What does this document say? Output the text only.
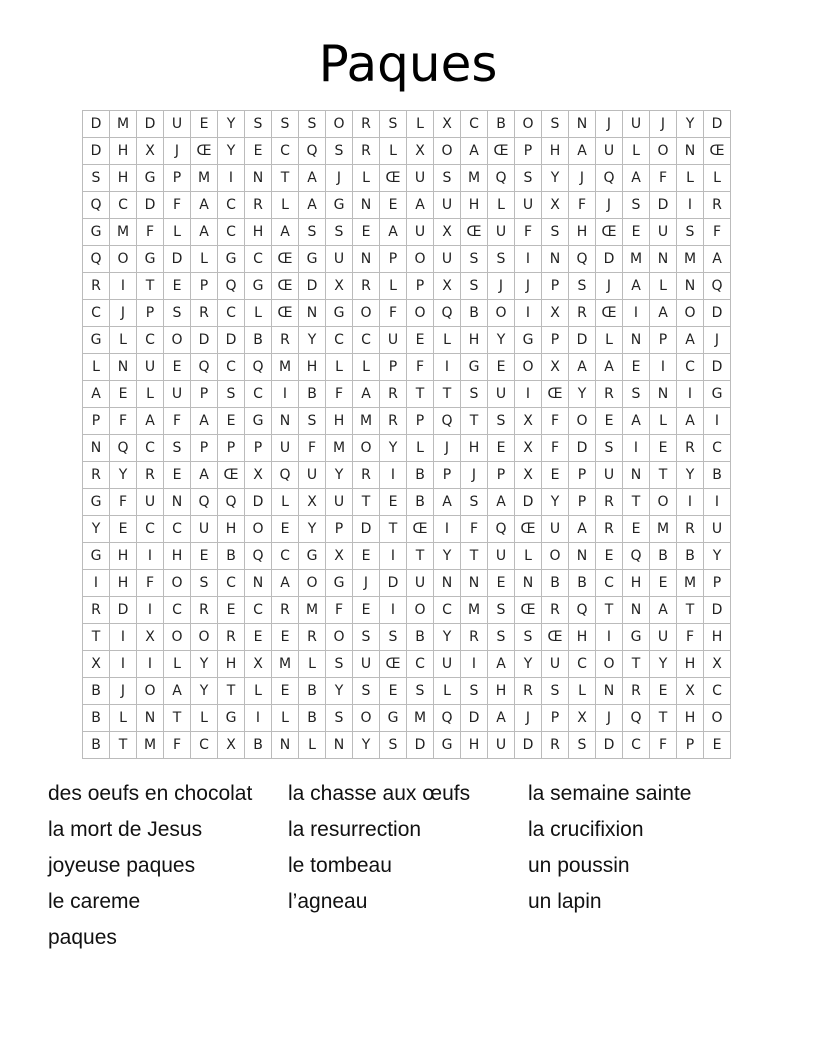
Paques
D	M	D	U	E	Y	S	S	S	O	R	S	L	X	C	B	O	S	N	J	U	J	Y	D
D	H	X	J	Œ	Y	E	C	Q	S	R	L	X	O	A	Œ	P	H	A	U	L	O	N	Œ
S	H	G	P	M	I	N	T	A	J	L	Œ	U	S	M	Q	S	Y	J	Q	A	F	L	L
Q	C	D	F	A	C	R	L	A	G	N	E	A	U	H	L	U	X	F	J	S	D	I	R
G	M	F	L	A	C	H	A	S	S	E	A	U	X	Œ	U	F	S	H	Œ	E	U	S	F
Q	O	G	D	L	G	C	Œ	G	U	N	P	O	U	S	S	I	N	Q	D	M	N	M	A
R	I	T	E	P	Q	G	Œ	D	X	R	L	P	X	S	J	J	P	S	J	A	L	N	Q
C	J	P	S	R	C	L	Œ	N	G	O	F	O	Q	B	O	I	X	R	Œ	I	A	O	D
G	L	C	O	D	D	B	R	Y	C	C	U	E	L	H	Y	G	P	D	L	N	P	A	J
L	N	U	E	Q	C	Q	M	H	L	L	P	F	I	G	E	O	X	A	A	E	I	C	D
A	E	L	U	P	S	C	I	B	F	A	R	T	T	S	U	I	Œ	Y	R	S	N	I	G
P	F	A	F	A	E	G	N	S	H	M	R	P	Q	T	S	X	F	O	E	A	L	A	I
N	Q	C	S	P	P	P	U	F	M	O	Y	L	J	H	E	X	F	D	S	I	E	R	C
R	Y	R	E	A	Œ	X	Q	U	Y	R	I	B	P	J	P	X	E	P	U	N	T	Y	B
G	F	U	N	Q	Q	D	L	X	U	T	E	B	A	S	A	D	Y	P	R	T	O	I	I
Y	E	C	C	U	H	O	E	Y	P	D	T	Œ	I	F	Q	Œ	U	A	R	E	M	R	U
G	H	I	H	E	B	Q	C	G	X	E	I	T	Y	T	U	L	O	N	E	Q	B	B	Y
I	H	F	O	S	C	N	A	O	G	J	D	U	N	N	E	N	B	B	C	H	E	M	P
R	D	I	C	R	E	C	R	M	F	E	I	O	C	M	S	Œ	R	Q	T	N	A	T	D
T	I	X	O	O	R	E	E	R	O	S	S	B	Y	R	S	S	Œ	H	I	G	U	F	H
X	I	I	L	Y	H	X	M	L	S	U	Œ	C	U	I	A	Y	U	C	O	T	Y	H	X
B	J	O	A	Y	T	L	E	B	Y	S	E	S	L	S	H	R	S	L	N	R	E	X	C
B	L	N	T	L	G	I	L	B	S	O	G	M	Q	D	A	J	P	X	J	Q	T	H	O
B	T	M	F	C	X	B	N	L	N	Y	S	D	G	H	U	D	R	S	D	C	F	P	E
des oeufs en chocolat	la chasse aux œufs	la semaine sainte
la mort de Jesus	la resurrection	la crucifixion
joyeuse paques	le tombeau	un poussin
le careme	l’agneau	un lapin
paques
